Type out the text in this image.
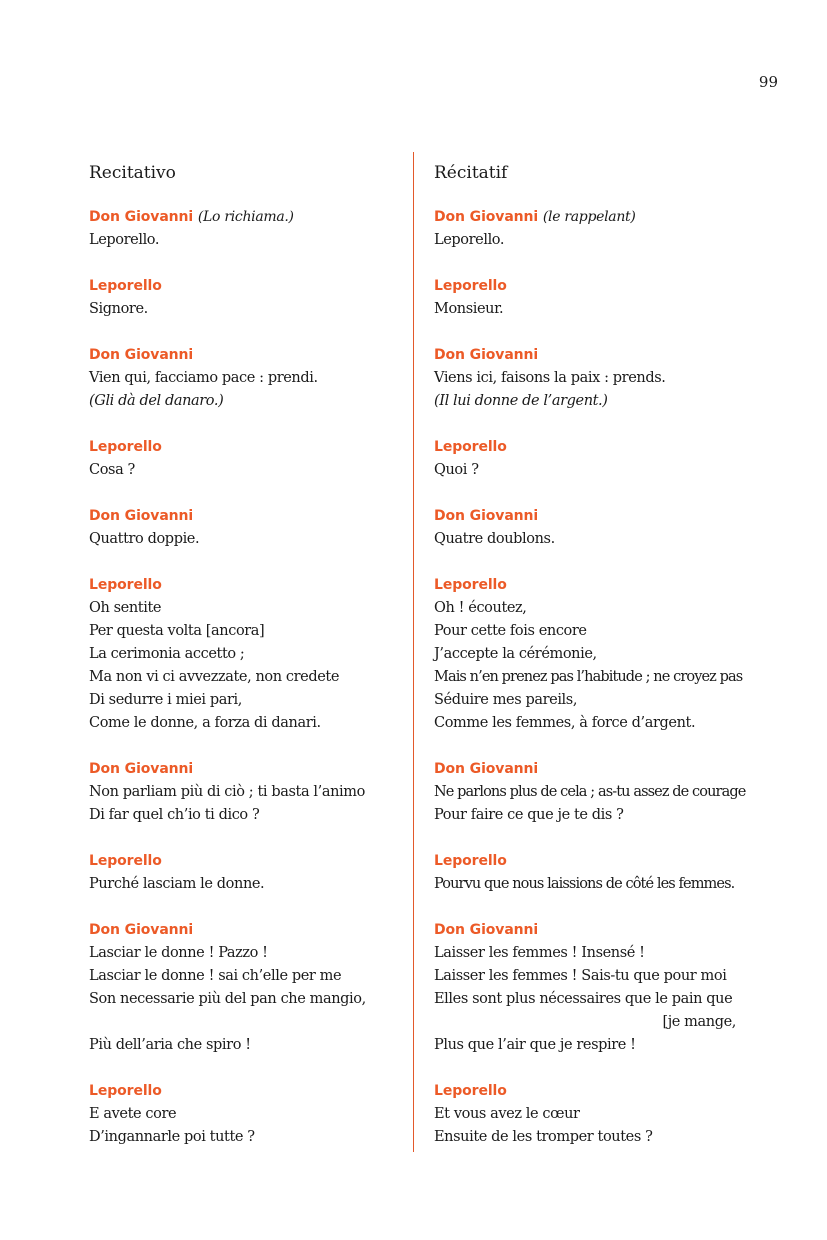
99
Recitativo
Don Giovanni (Lo richiama.)
Leporello.
Leporello
Signore.
Don Giovanni
Vien qui, facciamo pace : prendi.
(Gli dà del danaro.)
Leporello
Cosa ?
Don Giovanni
Quattro doppie.
Leporello
Oh sentite
Per questa volta [ancora]
La cerimonia accetto ;
Ma non vi ci avvezzate, non credete
Di sedurre i miei pari,
Come le donne, a forza di danari.
Don Giovanni
Non parliam più di ciò ; ti basta l’animo
Di far quel ch’io ti dico ?
Leporello
Purché lasciam le donne.
Don Giovanni
Lasciar le donne ! Pazzo !
Lasciar le donne ! sai ch’elle per me
Son necessarie più del pan che mangio,
Più dell’aria che spiro !
Leporello
E avete core
D’ingannarle poi tutte ?
Récitatif
Don Giovanni (le rappelant)
Leporello.
Leporello
Monsieur.
Don Giovanni
Viens ici, faisons la paix : prends.
(Il lui donne de l’argent.)
Leporello
Quoi ?
Don Giovanni
Quatre doublons.
Leporello
Oh ! écoutez,
Pour cette fois encore
J’accepte la cérémonie,
Mais n’en prenez pas l’habitude ; ne croyez pas
Séduire mes pareils,
Comme les femmes, à force d’argent.
Don Giovanni
Ne parlons plus de cela ; as-tu assez de courage
Pour faire ce que je te dis ?
Leporello
Pourvu que nous laissions de côté les femmes.
Don Giovanni
Laisser les femmes ! Insensé !
Laisser les femmes ! Sais-tu que pour moi
Elles sont plus nécessaires que le pain que
[je mange,
Plus que l’air que je respire !
Leporello
Et vous avez le cœur
Ensuite de les tromper toutes ?
